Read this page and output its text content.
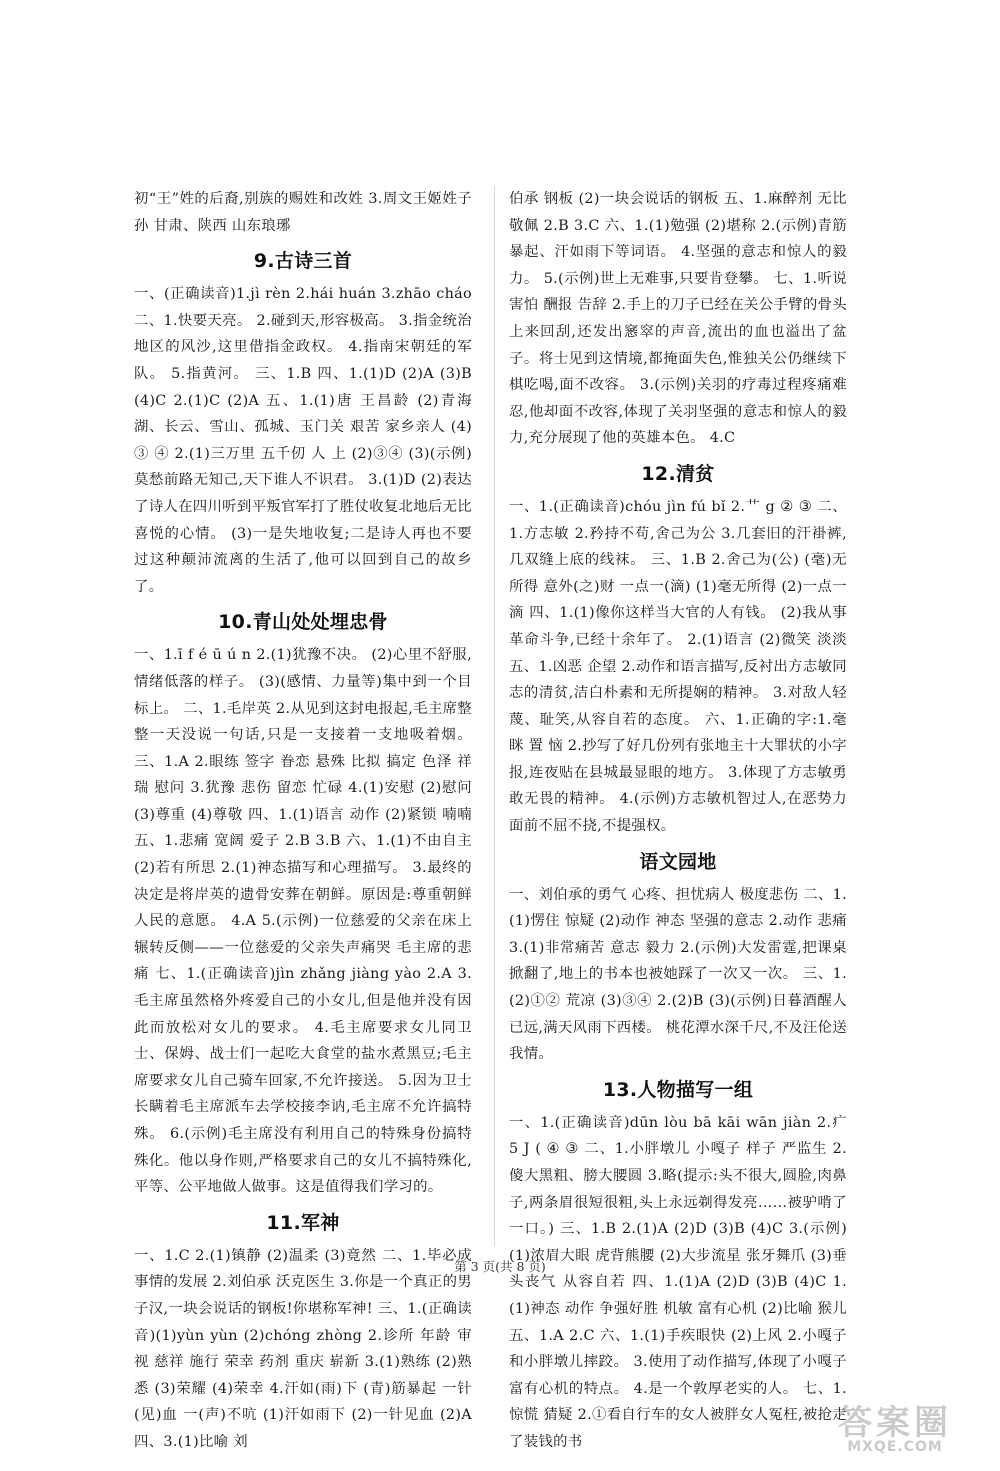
初“王”姓的后裔,别族的赐姓和改姓 3.周文王姬姓子孙 甘肃、陕西 山东琅琊

9.古诗三首

一、(正确读音)1.jì rèn 2.hái huán 3.zhāo cháo 二、1.快要天亮。 2.碰到天,形容极高。 3.指金统治地区的风沙,这里借指金政权。 4.指南宋朝廷的军队。 5.指黄河。 三、1.B 四、1.(1)D (2)A (3)B (4)C 2.(1)C (2)A 五、1.(1)唐 王昌龄 (2)青海湖、长云、雪山、孤城、玉门关 艰苦 家乡亲人 (4)③ ④ 2.(1)三万里 五千仞 人 上 (2)③④ (3)(示例)莫愁前路无知己,天下谁人不识君。 3.(1)D (2)表达了诗人在四川听到平叛官军打了胜仗收复北地后无比喜悦的心情。 (3)一是失地收复;二是诗人再也不要过这种颠沛流离的生活了,他可以回到自己的故乡了。

10.青山处处埋忠骨

一、1.ī f é ū ú n 2.(1)犹豫不决。 (2)心里不舒服,情绪低落的样子。 (3)(感情、力量等)集中到一个目标上。 二、1.毛岸英 2.从见到这封电报起,毛主席整整一天没说一句话,只是一支接着一支地吸着烟。 三、1.A 2.眼练 签字 眷恋 悬殊 比拟 搞定 色泽 祥瑞 慰问 3.犹豫 悲伤 留恋 忙碌 4.(1)安慰 (2)慰问 (3)尊重 (4)尊敬 四、1.(1)语言 动作 (2)紧锁 喃喃 五、1.悲痛 宽阔 爱子 2.B 3.B 六、1.(1)不由自主 (2)若有所思 2.(1)神态描写和心理描写。 3.最终的决定是将岸英的遗骨安葬在朝鲜。原因是:尊重朝鲜人民的意愿。 4.A 5.(示例)一位慈爱的父亲在床上辗转反侧——一位慈爱的父亲失声痛哭 毛主席的悲痛 七、1.(正确读音)jìn zhǎng jiàng yào 2.A 3.毛主席虽然格外疼爱自己的小女儿,但是他并没有因此而放松对女儿的要求。 4.毛主席要求女儿同卫士、保姆、战士们一起吃大食堂的盐水煮黑豆;毛主席要求女儿自己骑车回家,不允许接送。 5.因为卫士长瞒着毛主席派车去学校接李讷,毛主席不允许搞特殊。 6.(示例)毛主席没有利用自己的特殊身份搞特殊化。他以身作则,严格要求自己的女儿不搞特殊化,平等、公平地做人做事。这是值得我们学习的。

11.军神

一、1.C 2.(1)镇静 (2)温柔 (3)竟然 二、1.毕必成 事情的发展 2.刘伯承 沃克医生 3.你是一个真正的男子汉,一块会说话的钢板!你堪称军神! 三、1.(正确读音)(1)yùn yùn (2)chóng zhòng 2.诊所 年龄 审视 慈祥 施行 荣幸 药剂 重庆 崭新 3.(1)熟练 (2)熟悉 (3)荣耀 (4)荣幸 4.汗如(雨)下 (青)筋暴起 一针(见)血 一(声)不吭 (1)汗如雨下 (2)一针见血 (2)A 四、3.(1)比喻 刘

伯承 钢板 (2)一块会说话的钢板 五、1.麻醉剂 无比敬佩 2.B 3.C 六、1.(1)勉强 (2)堪称 2.(示例)青筋暴起、汗如雨下等词语。 4.坚强的意志和惊人的毅力。 5.(示例)世上无难事,只要肯登攀。 七、1.听说 害怕 酬报 告辞 2.手上的刀子已经在关公手臂的骨头上来回刮,还发出窸窣的声音,流出的血也溢出了盆子。将士见到这情境,都掩面失色,惟独关公仍继续下棋吃喝,面不改容。 3.(示例)关羽的疗毒过程疼痛难忍,他却面不改容,体现了关羽坚强的意志和惊人的毅力,充分展现了他的英雄本色。 4.C

12.清贫

一、1.(正确读音)chóu jìn fú bǐ 2.艹 g ② ③ 二、1.方志敏 2.矜持不苟,舍己为公 3.几套旧的汗褂裤,几双缝上底的线袜。 三、1.B 2.舍己为(公) (毫)无所得 意外(之)财 一点一(滴) (1)毫无所得 (2)一点一滴 四、1.(1)像你这样当大官的人有钱。 (2)我从事革命斗争,已经十余年了。 2.(1)语言 (2)微笑 淡淡 五、1.凶恶 企望 2.动作和语言描写,反衬出方志敏同志的清贫,洁白朴素和无所提娴的精神。 3.对敌人轻蔑、耻笑,从容自若的态度。 六、1.正确的字:1.毫 眯 置 恼 2.抄写了好几份列有张地主十大罪状的小字报,连夜贴在县城最显眼的地方。 3.体现了方志敏勇敢无畏的精神。 4.(示例)方志敏机智过人,在恶势力面前不屈不挠,不提强权。

语文园地

一、刘伯承的勇气 心疼、担忧病人 极度悲伤 二、1.(1)愣住 惊疑 (2)动作 神态 坚强的意志 2.动作 悲痛 3.(1)非常痛苦 意志 毅力 2.(示例)大发雷霆,把课桌掀翻了,地上的书本也被她踩了一次又一次。 三、1.(2)①② 荒凉 (3)③④ 2.(2)B (3)(示例)日暮酒醒人已远,满天风雨下西楼。 桃花潭水深千尺,不及汪伦送我情。

13.人物描写一组

一、1.(正确读音)dūn lòu bā kāi wān jiàn 2.疒 5 J ( ④ ③ 二、1.小胖墩儿 小嘎子 样子 严监生 2.傻大黑粗、膀大腰圆 3.略(提示:头不很大,圆脸,肉鼻子,两条眉很短很粗,头上永远剃得发亮……被驴啃了一口。) 三、1.B 2.(1)A (2)D (3)B (4)C 3.(示例)(1)浓眉大眼 虎背熊腰 (2)大步流星 张牙舞爪 (3)垂头丧气 从容自若 四、1.(1)A (2)D (3)B (4)C 1.(1)神态 动作 争强好胜 机敏 富有心机 (2)比喻 猴儿 五、1.A 2.C 六、1.(1)手疾眼快 (2)上风 2.小嘎子和小胖墩儿摔跤。 3.使用了动作描写,体现了小嘎子富有心机的特点。 4.是一个敦厚老实的人。 七、1.惊慌 猜疑 2.①看自行车的女人被胖女人冤枉,被抢走了装钱的书

第 3 页(共 8 页)
答案圈
MXQE.COM
